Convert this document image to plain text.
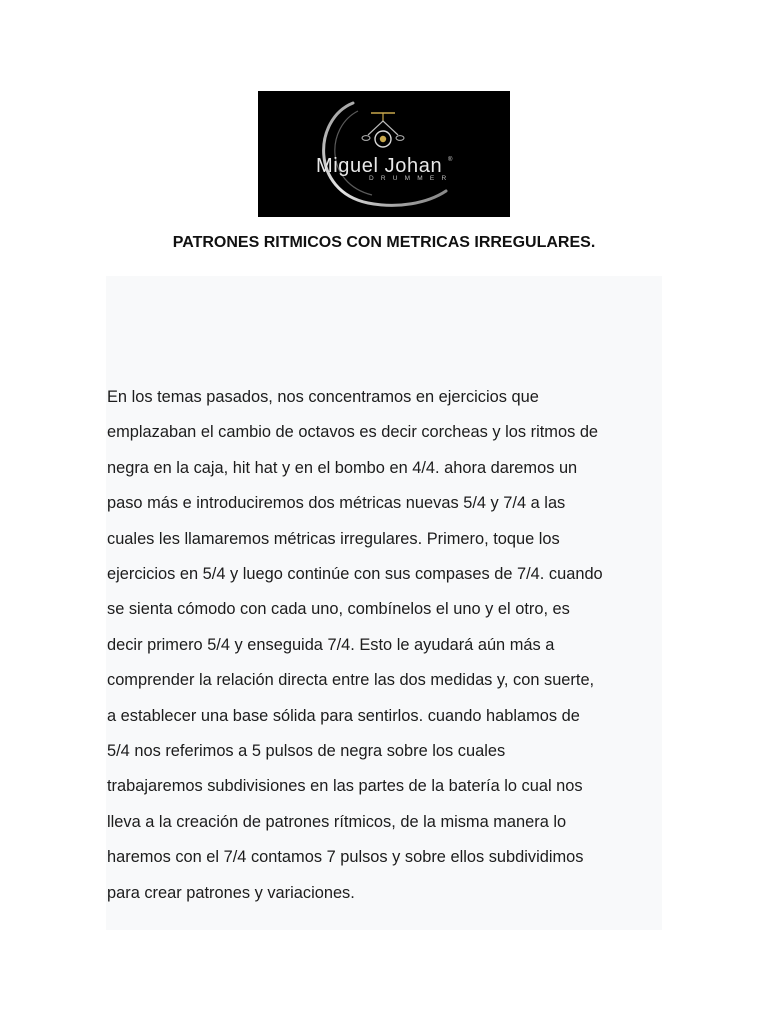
Miguel Johan ®
DRUMMER
PATRONES RITMICOS CON METRICAS IRREGULARES.
En los temas pasados, nos concentramos en ejercicios que
emplazaban el cambio de octavos es decir corcheas y los ritmos de
negra en la caja, hit hat y en el bombo en 4/4. ahora daremos un
paso más e introduciremos dos métricas nuevas 5/4 y 7/4 a las
cuales les llamaremos métricas irregulares. Primero, toque los
ejercicios en 5/4 y luego continúe con sus compases de 7/4. cuando
se sienta cómodo con cada uno, combínelos el uno y el otro, es
decir primero 5/4 y enseguida 7/4. Esto le ayudará aún más a
comprender la relación directa entre las dos medidas y, con suerte,
a establecer una base sólida para sentirlos. cuando hablamos de
5/4 nos referimos a 5 pulsos de negra sobre los cuales
trabajaremos subdivisiones en las partes de la batería lo cual nos
lleva a la creación de patrones rítmicos, de la misma manera lo
haremos con el 7/4 contamos 7 pulsos y sobre ellos subdividimos
para crear patrones y variaciones.
